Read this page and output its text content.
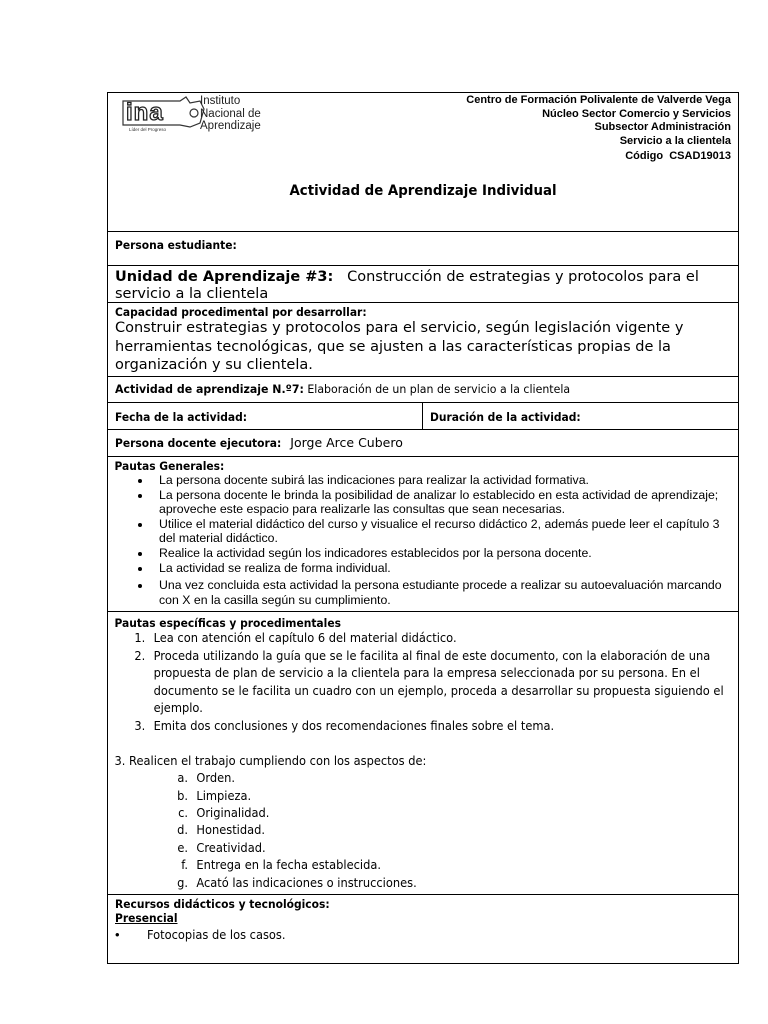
ina
Líder del Progreso
Instituto
Nacional de
Aprendizaje
Centro de Formación Polivalente de Valverde Vega
Núcleo Sector Comercio y Servicios
Subsector Administración
Servicio a la clientela
Código CSAD19013
Actividad de Aprendizaje Individual
Persona estudiante:
Unidad de Aprendizaje #3: Construcción de estrategias y protocolos para el servicio a la clientela
Capacidad procedimental por desarrollar:
Construir estrategias y protocolos para el servicio, según legislación vigente y herramientas tecnológicas, que se ajusten a las características propias de la organización y su clientela.
Actividad de aprendizaje N.º7: Elaboración de un plan de servicio a la clientela
Fecha de la actividad:	Duración de la actividad:
Persona docente ejecutora: Jorge Arce Cubero
Pautas Generales:
• La persona docente subirá las indicaciones para realizar la actividad formativa.
• La persona docente le brinda la posibilidad de analizar lo establecido en esta actividad de aprendizaje; aproveche este espacio para realizarle las consultas que sean necesarias.
• Utilice el material didáctico del curso y visualice el recurso didáctico 2, además puede leer el capítulo 3 del material didáctico.
• Realice la actividad según los indicadores establecidos por la persona docente.
• La actividad se realiza de forma individual.
• Una vez concluida esta actividad la persona estudiante procede a realizar su autoevaluación marcando con X en la casilla según su cumplimiento.
Pautas específicas y procedimentales
1. Lea con atención el capítulo 6 del material didáctico.
2. Proceda utilizando la guía que se le facilita al final de este documento, con la elaboración de una propuesta de plan de servicio a la clientela para la empresa seleccionada por su persona. En el documento se le facilita un cuadro con un ejemplo, proceda a desarrollar su propuesta siguiendo el ejemplo.
3. Emita dos conclusiones y dos recomendaciones finales sobre el tema.
3. Realicen el trabajo cumpliendo con los aspectos de:
a. Orden.
b. Limpieza.
c. Originalidad.
d. Honestidad.
e. Creatividad.
f. Entrega en la fecha establecida.
g. Acató las indicaciones o instrucciones.
Recursos didácticos y tecnológicos:
Presencial
•	Fotocopias de los casos.
